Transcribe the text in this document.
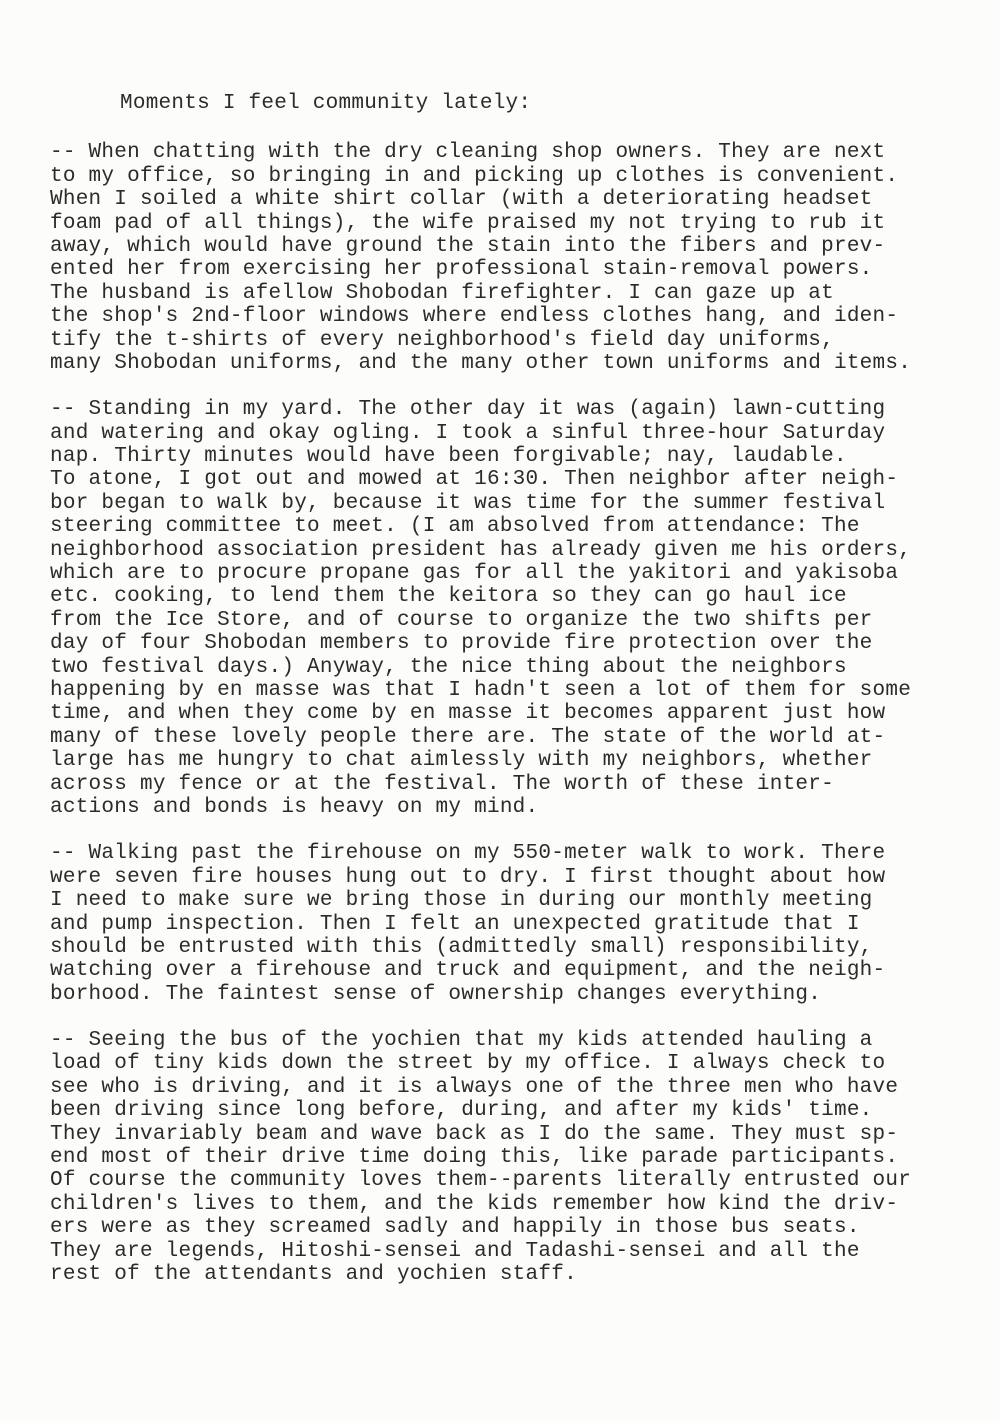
Moments I feel community lately:
-- When chatting with the dry cleaning shop owners. They are next
to my office, so bringing in and picking up clothes is convenient.
When I soiled a white shirt collar (with a deteriorating headset
foam pad of all things), the wife praised my not trying to rub it
away, which would have ground the stain into the fibers and prev-
ented her from exercising her professional stain-removal powers.
The husband is afellow Shobodan firefighter. I can gaze up at
the shop's 2nd-floor windows where endless clothes hang, and iden-
tify the t-shirts of every neighborhood's field day uniforms,
many Shobodan uniforms, and the many other town uniforms and items.
-- Standing in my yard. The other day it was (again) lawn-cutting
and watering and okay ogling. I took a sinful three-hour Saturday
nap. Thirty minutes would have been forgivable; nay, laudable.
To atone, I got out and mowed at 16:30. Then neighbor after neigh-
bor began to walk by, because it was time for the summer festival
steering committee to meet. (I am absolved from attendance: The
neighborhood association president has already given me his orders,
which are to procure propane gas for all the yakitori and yakisoba
etc. cooking, to lend them the keitora so they can go haul ice
from the Ice Store, and of course to organize the two shifts per
day of four Shobodan members to provide fire protection over the
two festival days.) Anyway, the nice thing about the neighbors
happening by en masse was that I hadn't seen a lot of them for some
time, and when they come by en masse it becomes apparent just how
many of these lovely people there are. The state of the world at-
large has me hungry to chat aimlessly with my neighbors, whether
across my fence or at the festival. The worth of these inter-
actions and bonds is heavy on my mind.
-- Walking past the firehouse on my 550-meter walk to work. There
were seven fire houses hung out to dry. I first thought about how
I need to make sure we bring those in during our monthly meeting
and pump inspection. Then I felt an unexpected gratitude that I
should be entrusted with this (admittedly small) responsibility,
watching over a firehouse and truck and equipment, and the neigh-
borhood. The faintest sense of ownership changes everything.
-- Seeing the bus of the yochien that my kids attended hauling a
load of tiny kids down the street by my office. I always check to
see who is driving, and it is always one of the three men who have
been driving since long before, during, and after my kids' time.
They invariably beam and wave back as I do the same. They must sp-
end most of their drive time doing this, like parade participants.
Of course the community loves them--parents literally entrusted our
children's lives to them, and the kids remember how kind the driv-
ers were as they screamed sadly and happily in those bus seats.
They are legends, Hitoshi-sensei and Tadashi-sensei and all the
rest of the attendants and yochien staff.
